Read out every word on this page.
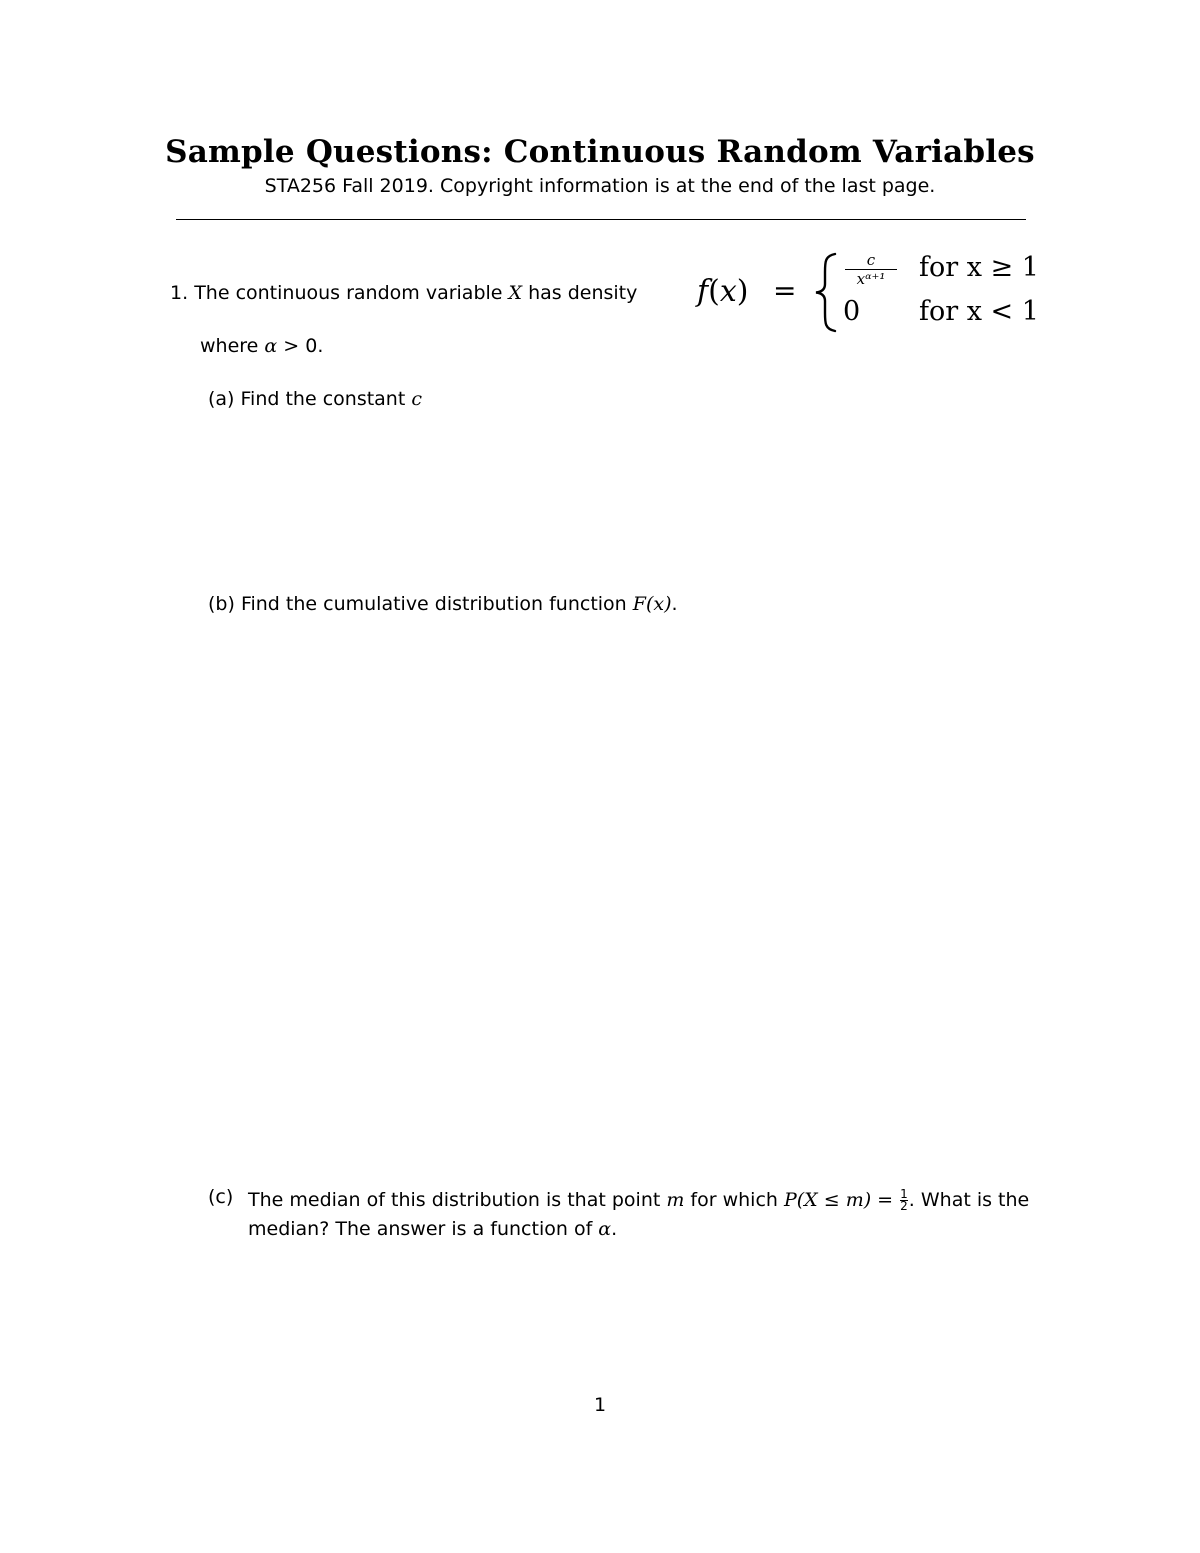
Sample Questions: Continuous Random Variables
STA256 Fall 2019. Copyright information is at the end of the last page.
1. The continuous random variable X has density f(x) =
c
xᵅ⁺¹	for x ≥ 1
0 for x < 1
where α > 0.
(a) Find the constant c
(b) Find the cumulative distribution function F(x).
(c) The median of this distribution is that point m for which $P(X \le m) = \frac{1}{2}$ . What is the median? The answer is a function of α.
1
